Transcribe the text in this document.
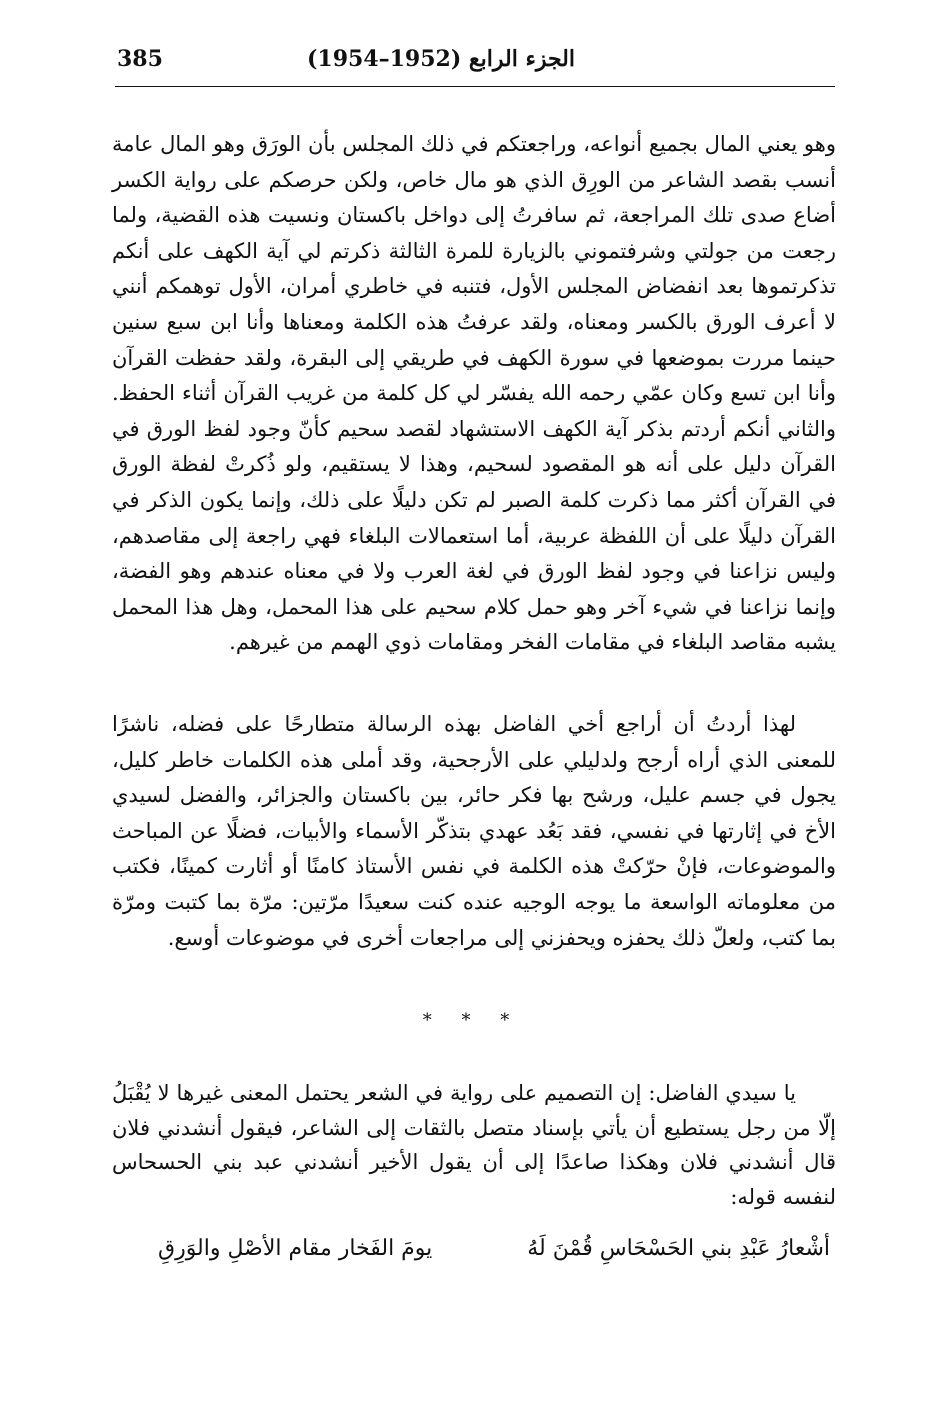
385	الجزء الرابع (1952–1954)

وهو يعني المال بجميع أنواعه، وراجعتكم في ذلك المجلس بأن الورَق وهو المال عامة أنسب بقصد الشاعر من الورِق الذي هو مال خاص، ولكن حرصكم على رواية الكسر أضاع صدى تلك المراجعة، ثم سافرتُ إلى دواخل باكستان ونسيت هذه القضية، ولما رجعت من جولتي وشرفتموني بالزيارة للمرة الثالثة ذكرتم لي آية الكهف على أنكم تذكرتموها بعد انفضاض المجلس الأول، فتنبه في خاطري أمران، الأول توهمكم أنني لا أعرف الورق بالكسر ومعناه، ولقد عرفتُ هذه الكلمة ومعناها وأنا ابن سبع سنين حينما مررت بموضعها في سورة الكهف في طريقي إلى البقرة، ولقد حفظت القرآن وأنا ابن تسع وكان عمّي رحمه الله يفسّر لي كل كلمة من غريب القرآن أثناء الحفظ. والثاني أنكم أردتم بذكر آية الكهف الاستشهاد لقصد سحيم كأنّ وجود لفظ الورق في القرآن دليل على أنه هو المقصود لسحيم، وهذا لا يستقيم، ولو ذُكرتْ لفظة الورق في القرآن أكثر مما ذكرت كلمة الصبر لم تكن دليلًا على ذلك، وإنما يكون الذكر في القرآن دليلًا على أن اللفظة عربية، أما استعمالات البلغاء فهي راجعة إلى مقاصدهم، وليس نزاعنا في وجود لفظ الورق في لغة العرب ولا في معناه عندهم وهو الفضة، وإنما نزاعنا في شيء آخر وهو حمل كلام سحيم على هذا المحمل، وهل هذا المحمل يشبه مقاصد البلغاء في مقامات الفخر ومقامات ذوي الهمم من غيرهم.

لهذا أردتُ أن أراجع أخي الفاضل بهذه الرسالة متطارحًا على فضله، ناشرًا للمعنى الذي أراه أرجح ولدليلي على الأرجحية، وقد أملى هذه الكلمات خاطر كليل، يجول في جسم عليل، ورشح بها فكر حائر، بين باكستان والجزائر، والفضل لسيدي الأخ في إثارتها في نفسي، فقد بَعُد عهدي بتذكّر الأسماء والأبيات، فضلًا عن المباحث والموضوعات، فإنْ حرّكتْ هذه الكلمة في نفس الأستاذ كامنًا أو أثارت كمينًا، فكتب من معلوماته الواسعة ما يوجه الوجيه عنده كنت سعيدًا مرّتين: مرّة بما كتبت ومرّة بما كتب، ولعلّ ذلك يحفزه ويحفزني إلى مراجعات أخرى في موضوعات أوسع.

* * *

يا سيدي الفاضل: إن التصميم على رواية في الشعر يحتمل المعنى غيرها لا يُقْبَلُ إلّا من رجل يستطيع أن يأتي بإسناد متصل بالثقات إلى الشاعر، فيقول أنشدني فلان قال أنشدني فلان وهكذا صاعدًا إلى أن يقول الأخير أنشدني عبد بني الحسحاس لنفسه قوله:

أشْعارُ عَبْدِ بني الحَسْحَاسِ قُمْنَ لَهُ
يومَ الفَخار مقام الأصْلِ والوَرِقِ
